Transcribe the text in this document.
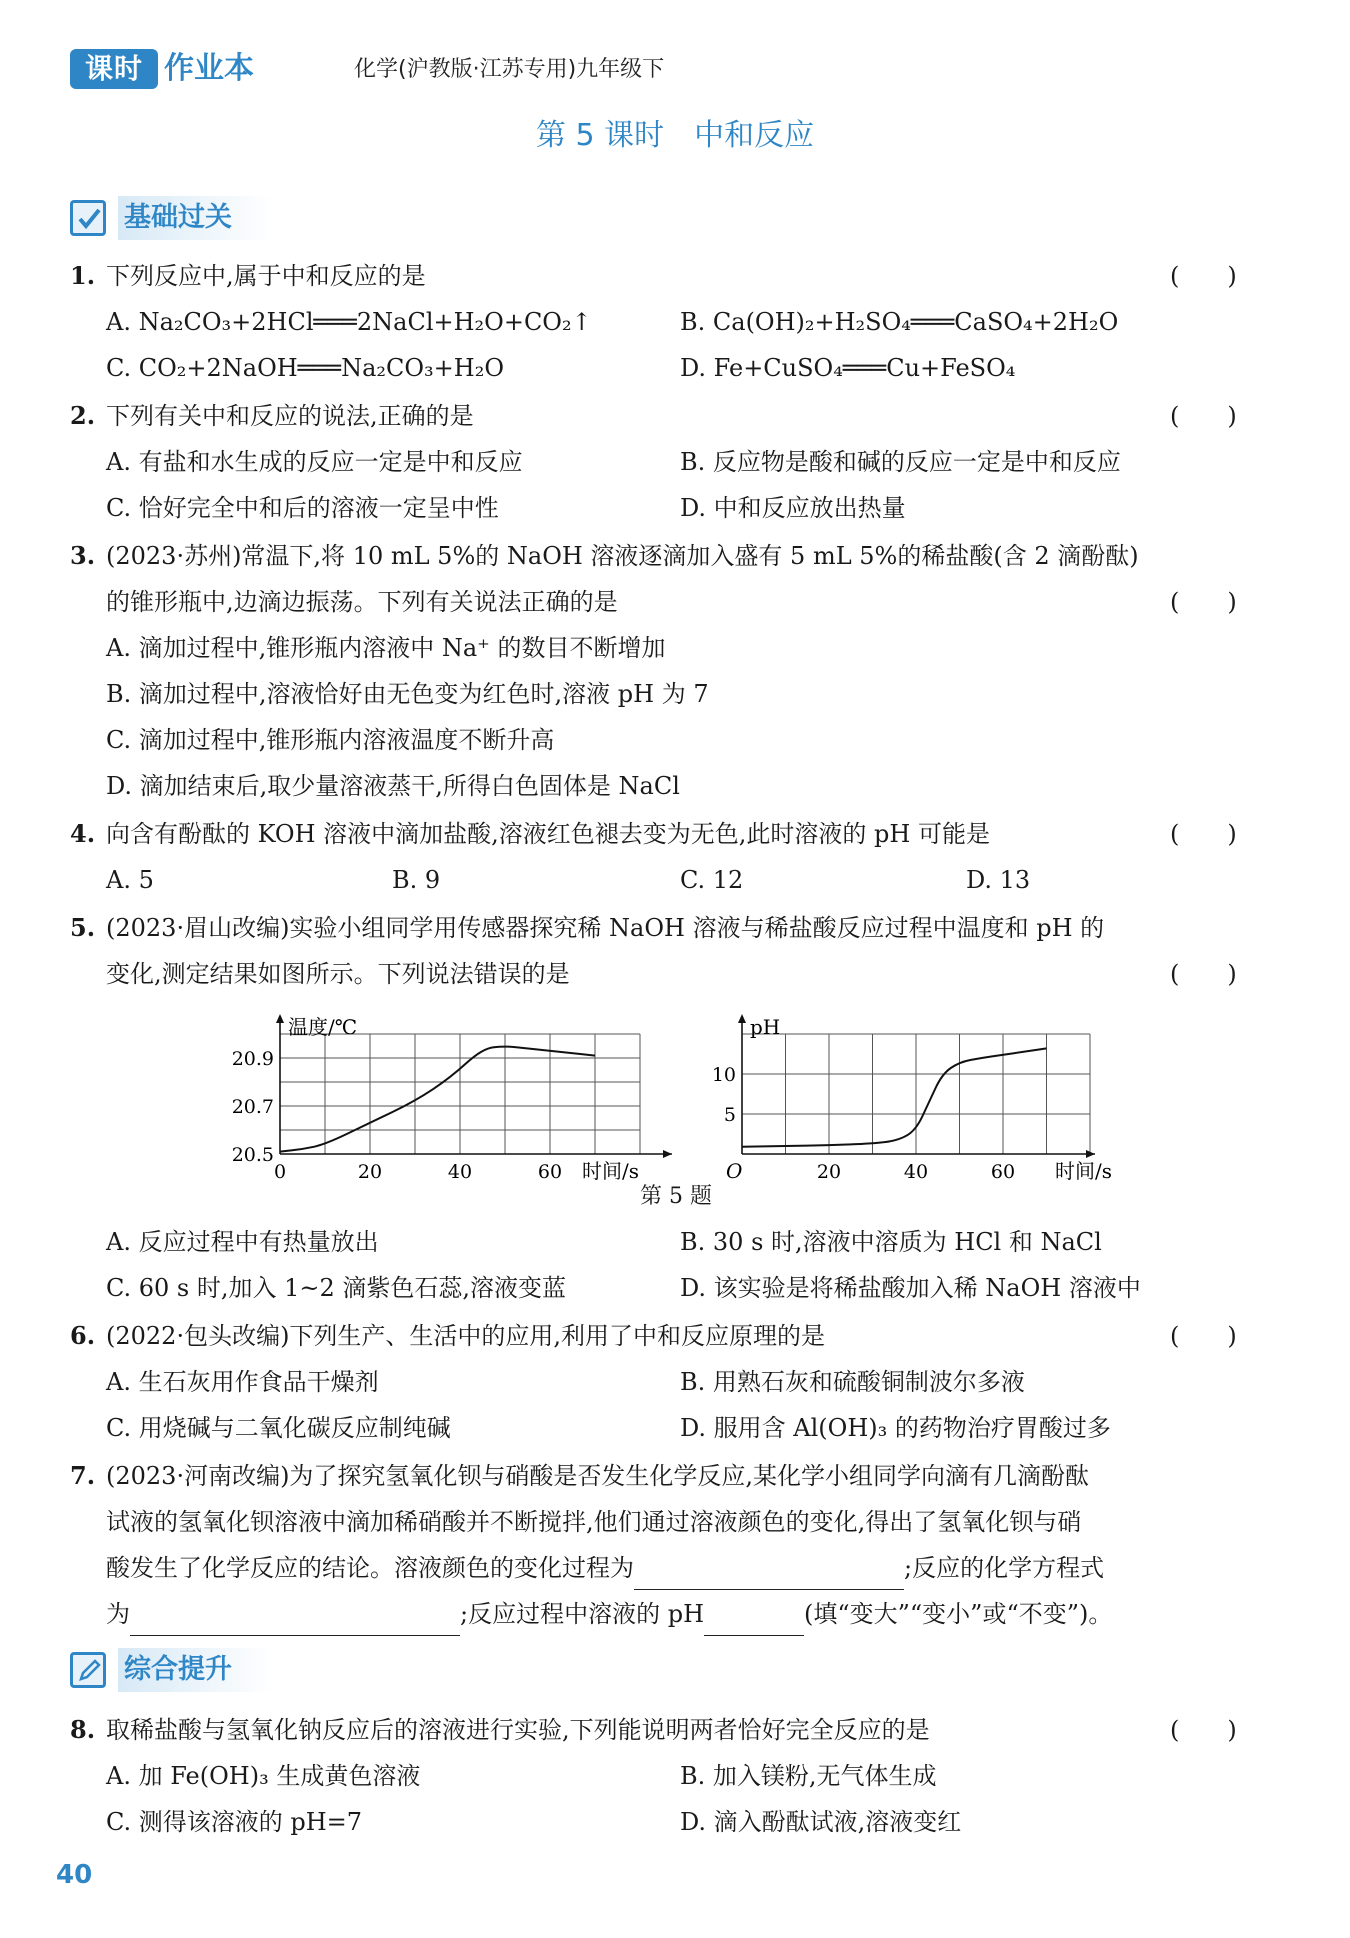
课时 作业本	化学(沪教版·江苏专用)九年级下
第 5 课时　中和反应
基础过关
1. 下列反应中,属于中和反应的是	(　　)
A. Na₂CO₃+2HCl═══2NaCl+H₂O+CO₂↑	B. Ca(OH)₂+H₂SO₄═══CaSO₄+2H₂O
C. CO₂+2NaOH═══Na₂CO₃+H₂O	D. Fe+CuSO₄═══Cu+FeSO₄
2. 下列有关中和反应的说法,正确的是	(　　)
A. 有盐和水生成的反应一定是中和反应	B. 反应物是酸和碱的反应一定是中和反应
C. 恰好完全中和后的溶液一定呈中性	D. 中和反应放出热量
3. (2023·苏州)常温下,将 10 mL 5%的 NaOH 溶液逐滴加入盛有 5 mL 5%的稀盐酸(含 2 滴酚酞)
的锥形瓶中,边滴边振荡。下列有关说法正确的是	(　　)
A. 滴加过程中,锥形瓶内溶液中 Na⁺ 的数目不断增加
B. 滴加过程中,溶液恰好由无色变为红色时,溶液 pH 为 7
C. 滴加过程中,锥形瓶内溶液温度不断升高
D. 滴加结束后,取少量溶液蒸干,所得白色固体是 NaCl
4. 向含有酚酞的 KOH 溶液中滴加盐酸,溶液红色褪去变为无色,此时溶液的 pH 可能是	(　　)
A. 5	B. 9	C. 12	D. 13
5. (2023·眉山改编)实验小组同学用传感器探究稀 NaOH 溶液与稀盐酸反应过程中温度和 pH 的
变化,测定结果如图所示。下列说法错误的是	(　　)
0	20	40	60
20.5
20.7
20.9
温度/℃
时间/s	20	40	60
5
10
pH
时间/s
O
第 5 题
A. 反应过程中有热量放出	B. 30 s 时,溶液中溶质为 HCl 和 NaCl
C. 60 s 时,加入 1~2 滴紫色石蕊,溶液变蓝	D. 该实验是将稀盐酸加入稀 NaOH 溶液中
6. (2022·包头改编)下列生产、生活中的应用,利用了中和反应原理的是	(　　)
A. 生石灰用作食品干燥剂	B. 用熟石灰和硫酸铜制波尔多液
C. 用烧碱与二氧化碳反应制纯碱	D. 服用含 Al(OH)₃ 的药物治疗胃酸过多
7. (2023·河南改编)为了探究氢氧化钡与硝酸是否发生化学反应,某化学小组同学向滴有几滴酚酞
试液的氢氧化钡溶液中滴加稀硝酸并不断搅拌,他们通过溶液颜色的变化,得出了氢氧化钡与硝
酸发生了化学反应的结论。溶液颜色的变化过程为	;反应的化学方程式
为	;反应过程中溶液的 pH	(填“变大”“变小”或“不变”)。
综合提升
8. 取稀盐酸与氢氧化钠反应后的溶液进行实验,下列能说明两者恰好完全反应的是	(　　)
A. 加 Fe(OH)₃ 生成黄色溶液	B. 加入镁粉,无气体生成
C. 测得该溶液的 pH=7	D. 滴入酚酞试液,溶液变红
40
